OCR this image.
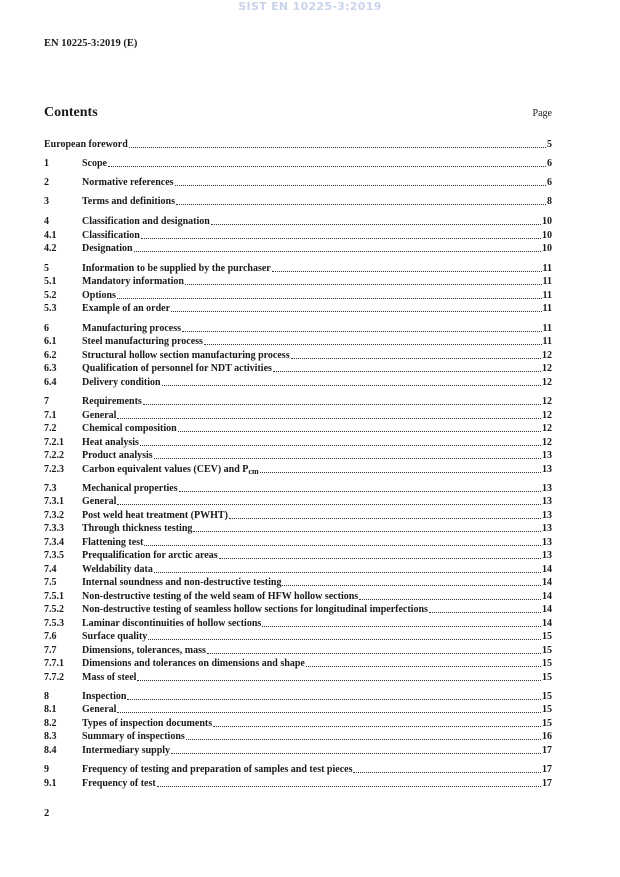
SIST EN 10225-3:2019
EN 10225-3:2019 (E)
Contents	Page
European foreword	5
1	Scope	6
2	Normative references	6
3	Terms and definitions	8
4	Classification and designation	10
4.1	Classification	10
4.2	Designation	10
5	Information to be supplied by the purchaser	11
5.1	Mandatory information	11
5.2	Options	11
5.3	Example of an order	11
6	Manufacturing process	11
6.1	Steel manufacturing process	11
6.2	Structural hollow section manufacturing process	12
6.3	Qualification of personnel for NDT activities	12
6.4	Delivery condition	12
7	Requirements	12
7.1	General	12
7.2	Chemical composition	12
7.2.1	Heat analysis	12
7.2.2	Product analysis	13
7.2.3	Carbon equivalent values (CEV) and $P_{cm}$	13
7.3	Mechanical properties	13
7.3.1	General	13
7.3.2	Post weld heat treatment (PWHT)	13
7.3.3	Through thickness testing	13
7.3.4	Flattening test	13
7.3.5	Prequalification for arctic areas	13
7.4	Weldability data	14
7.5	Internal soundness and non-destructive testing	14
7.5.1	Non-destructive testing of the weld seam of HFW hollow sections	14
7.5.2	Non-destructive testing of seamless hollow sections for longitudinal imperfections	14
7.5.3	Laminar discontinuities of hollow sections	14
7.6	Surface quality	15
7.7	Dimensions, tolerances, mass	15
7.7.1	Dimensions and tolerances on dimensions and shape	15
7.7.2	Mass of steel	15
8	Inspection	15
8.1	General	15
8.2	Types of inspection documents	15
8.3	Summary of inspections	16
8.4	Intermediary supply	17
9	Frequency of testing and preparation of samples and test pieces	17
9.1	Frequency of test	17
2
